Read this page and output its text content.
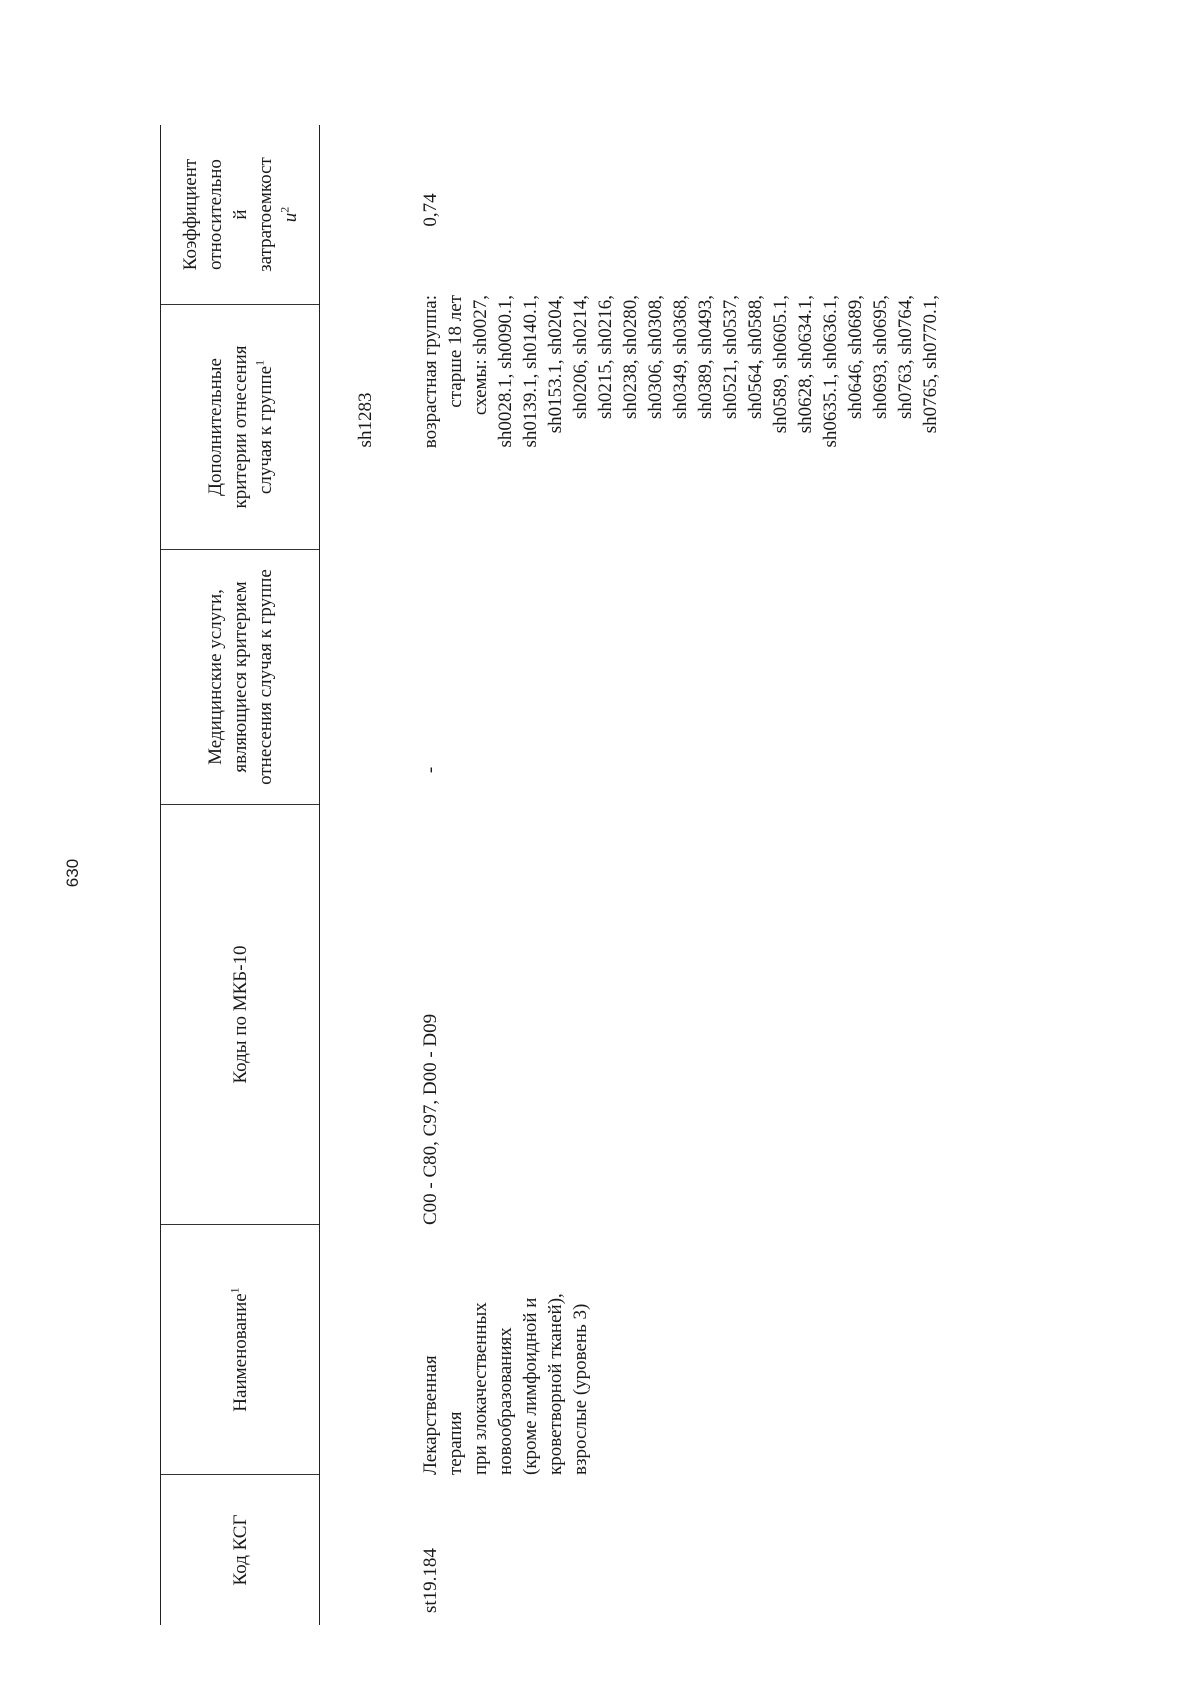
630
Код КСГ
Наименование$^1$
Коды по МКБ-10
Медицинские услуги, являющиеся критерием отнесения случая к группе
Дополнительные критерии отнесения случая к группе$^1$
Коэффициент относительно й затратоемкост $и^2$
sh1283
st19.184
Лекарственная терапия при злокачественных новообразованиях (кроме лимфоидной и кроветворной тканей), взрослые (уровень 3)
C00 - C80, C97, D00 - D09
-
возрастная группа: старше 18 лет схемы: sh0027, sh0028.1, sh0090.1, sh0139.1, sh0140.1, sh0153.1, sh0204, sh0206, sh0214, sh0215, sh0216, sh0238, sh0280, sh0306, sh0308, sh0349, sh0368, sh0389, sh0493, sh0521, sh0537, sh0564, sh0588, sh0589, sh0605.1, sh0628, sh0634.1, sh0635.1, sh0636.1, sh0646, sh0689, sh0693, sh0695, sh0763, sh0764, sh0765, sh0770.1,
0,74
